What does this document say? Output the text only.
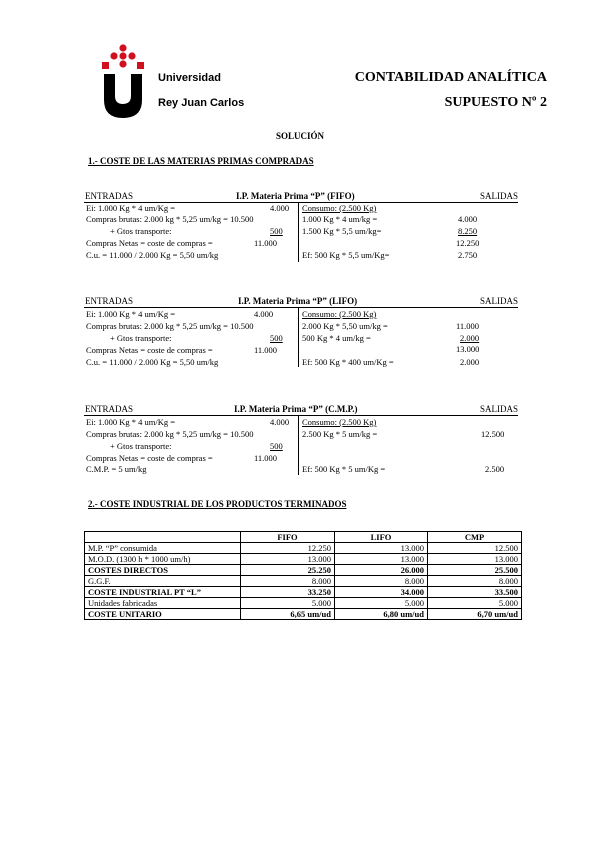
Universidad
Rey Juan Carlos
CONTABILIDAD ANALÍTICA
SUPUESTO Nº 2
SOLUCIÓN
1.- COSTE DE LAS MATERIAS PRIMAS COMPRADAS
ENTRADAS	I.P. Materia Prima “P” (FIFO)	SALIDAS
Ei: 1.000 Kg * 4 um/Kg =	4.000
Compras brutas: 2.000 kg * 5,25 um/kg = 10.500
+ Gtos transporte:	500
Compras Netas = coste de compras =	11.000
C.u. = 11.000 / 2.000 Kg = 5,50 um/kg
Consumo: (2.500 Kg)
1.000 Kg * 4 um/kg =	4.000
1.500 Kg * 5,5 um/kg=	8.250
12.250
Ef: 500 Kg * 5,5 um/Kg=	2.750
ENTRADAS	I.P. Materia Prima “P” (LIFO)	SALIDAS
Ei: 1.000 Kg * 4 um/Kg =	4.000
Compras brutas: 2.000 kg * 5,25 um/kg = 10.500
+ Gtos transporte:	500
Compras Netas = coste de compras =	11.000
C.u. = 11.000 / 2.000 Kg = 5,50 um/kg
Consumo: (2.500 Kg)
2.000 Kg * 5,50 um/kg =	11.000
500 Kg * 4 um/kg =	2.000
13.000
Ef: 500 Kg * 400 um/Kg =	2.000
ENTRADAS	I.P. Materia Prima “P” (C.M.P.)	SALIDAS
Ei: 1.000 Kg * 4 um/Kg =	4.000
Compras brutas: 2.000 kg * 5,25 um/kg = 10.500
+ Gtos transporte:	500
Compras Netas = coste de compras =	11.000
C.M.P. = 5 um/kg
Consumo: (2.500 Kg)
2.500 Kg * 5 um/kg =	12.500
Ef: 500 Kg * 5 um/Kg =	2.500
2.- COSTE INDUSTRIAL DE LOS PRODUCTOS TERMINADOS
	FIFO	LIFO	CMP
M.P. “P” consumida	12.250	13.000	12.500
M.O.D. (1300 h * 1000 um/h)	13.000	13.000	13.000
COSTES DIRECTOS	25.250	26.000	25.500
G.G.F.	8.000	8.000	8.000
COSTE INDUSTRIAL PT “L”	33.250	34.000	33.500
Unidades fabricadas	5.000	5.000	5.000
COSTE UNITARIO	6,65 um/ud	6,80 um/ud	6,70 um/ud
